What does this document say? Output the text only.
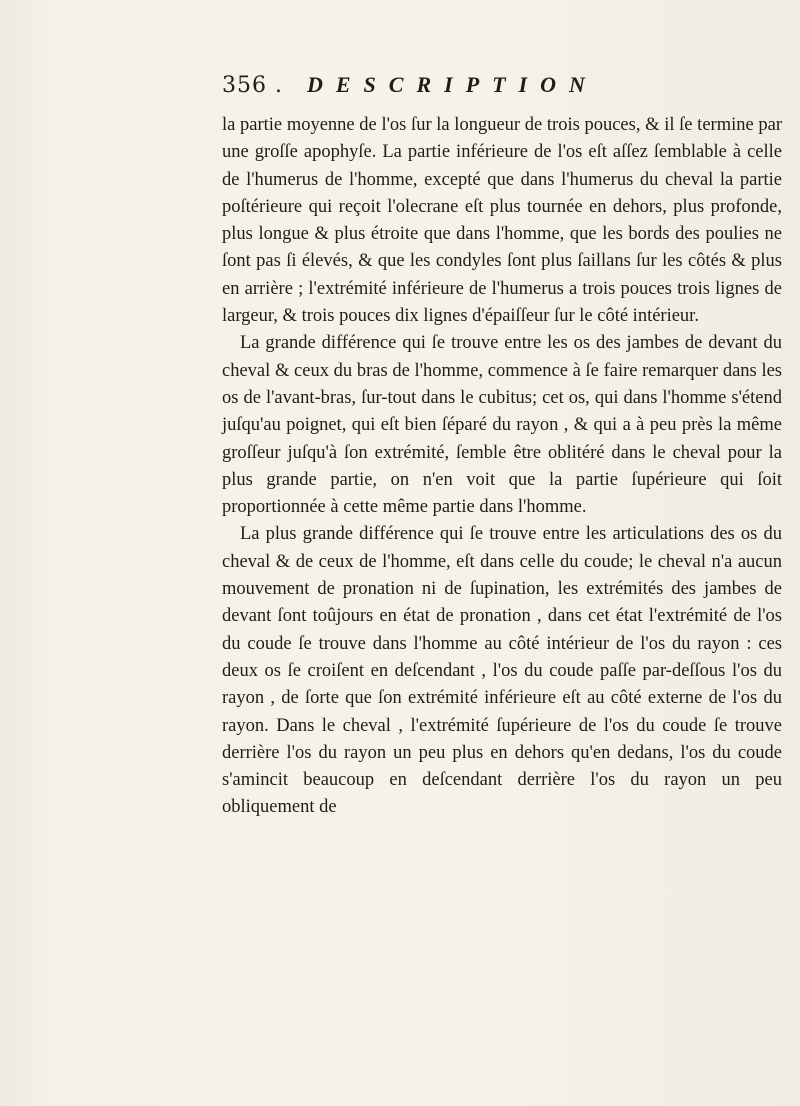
356 . DESCRIPTION

la partie moyenne de l'os ſur la longueur de trois pouces, & il ſe termine par une groſſe apophyſe. La partie inférieure de l'os eſt aſſez ſemblable à celle de l'humerus de l'homme, excepté que dans l'humerus du cheval la partie poſtérieure qui reçoit l'olecrane eſt plus tournée en dehors, plus profonde, plus longue & plus étroite que dans l'homme, que les bords des poulies ne ſont pas ſi élevés, & que les condyles ſont plus ſaillans ſur les côtés & plus en arrière ; l'extrémité inférieure de l'humerus a trois pouces trois lignes de largeur, & trois pouces dix lignes d'épaiſſeur ſur le côté intérieur.

La grande différence qui ſe trouve entre les os des jambes de devant du cheval & ceux du bras de l'homme, commence à ſe faire remarquer dans les os de l'avant-bras, ſur-tout dans le cubitus; cet os, qui dans l'homme s'étend juſqu'au poignet, qui eſt bien ſéparé du rayon , & qui a à peu près la même groſſeur juſqu'à ſon extrémité, ſemble être oblitéré dans le cheval pour la plus grande partie, on n'en voit que la partie ſupérieure qui ſoit proportionnée à cette même partie dans l'homme.

La plus grande différence qui ſe trouve entre les articulations des os du cheval & de ceux de l'homme, eſt dans celle du coude; le cheval n'a aucun mouvement de pronation ni de ſupination, les extrémités des jambes de devant ſont toûjours en état de pronation , dans cet état l'extrémité de l'os du coude ſe trouve dans l'homme au côté intérieur de l'os du rayon : ces deux os ſe croiſent en deſcendant , l'os du coude paſſe par-deſſous l'os du rayon , de ſorte que ſon extrémité inférieure eſt au côté externe de l'os du rayon. Dans le cheval , l'extrémité ſupérieure de l'os du coude ſe trouve derrière l'os du rayon un peu plus en dehors qu'en dedans, l'os du coude s'amincit beaucoup en deſcendant derrière l'os du rayon un peu obliquement de
